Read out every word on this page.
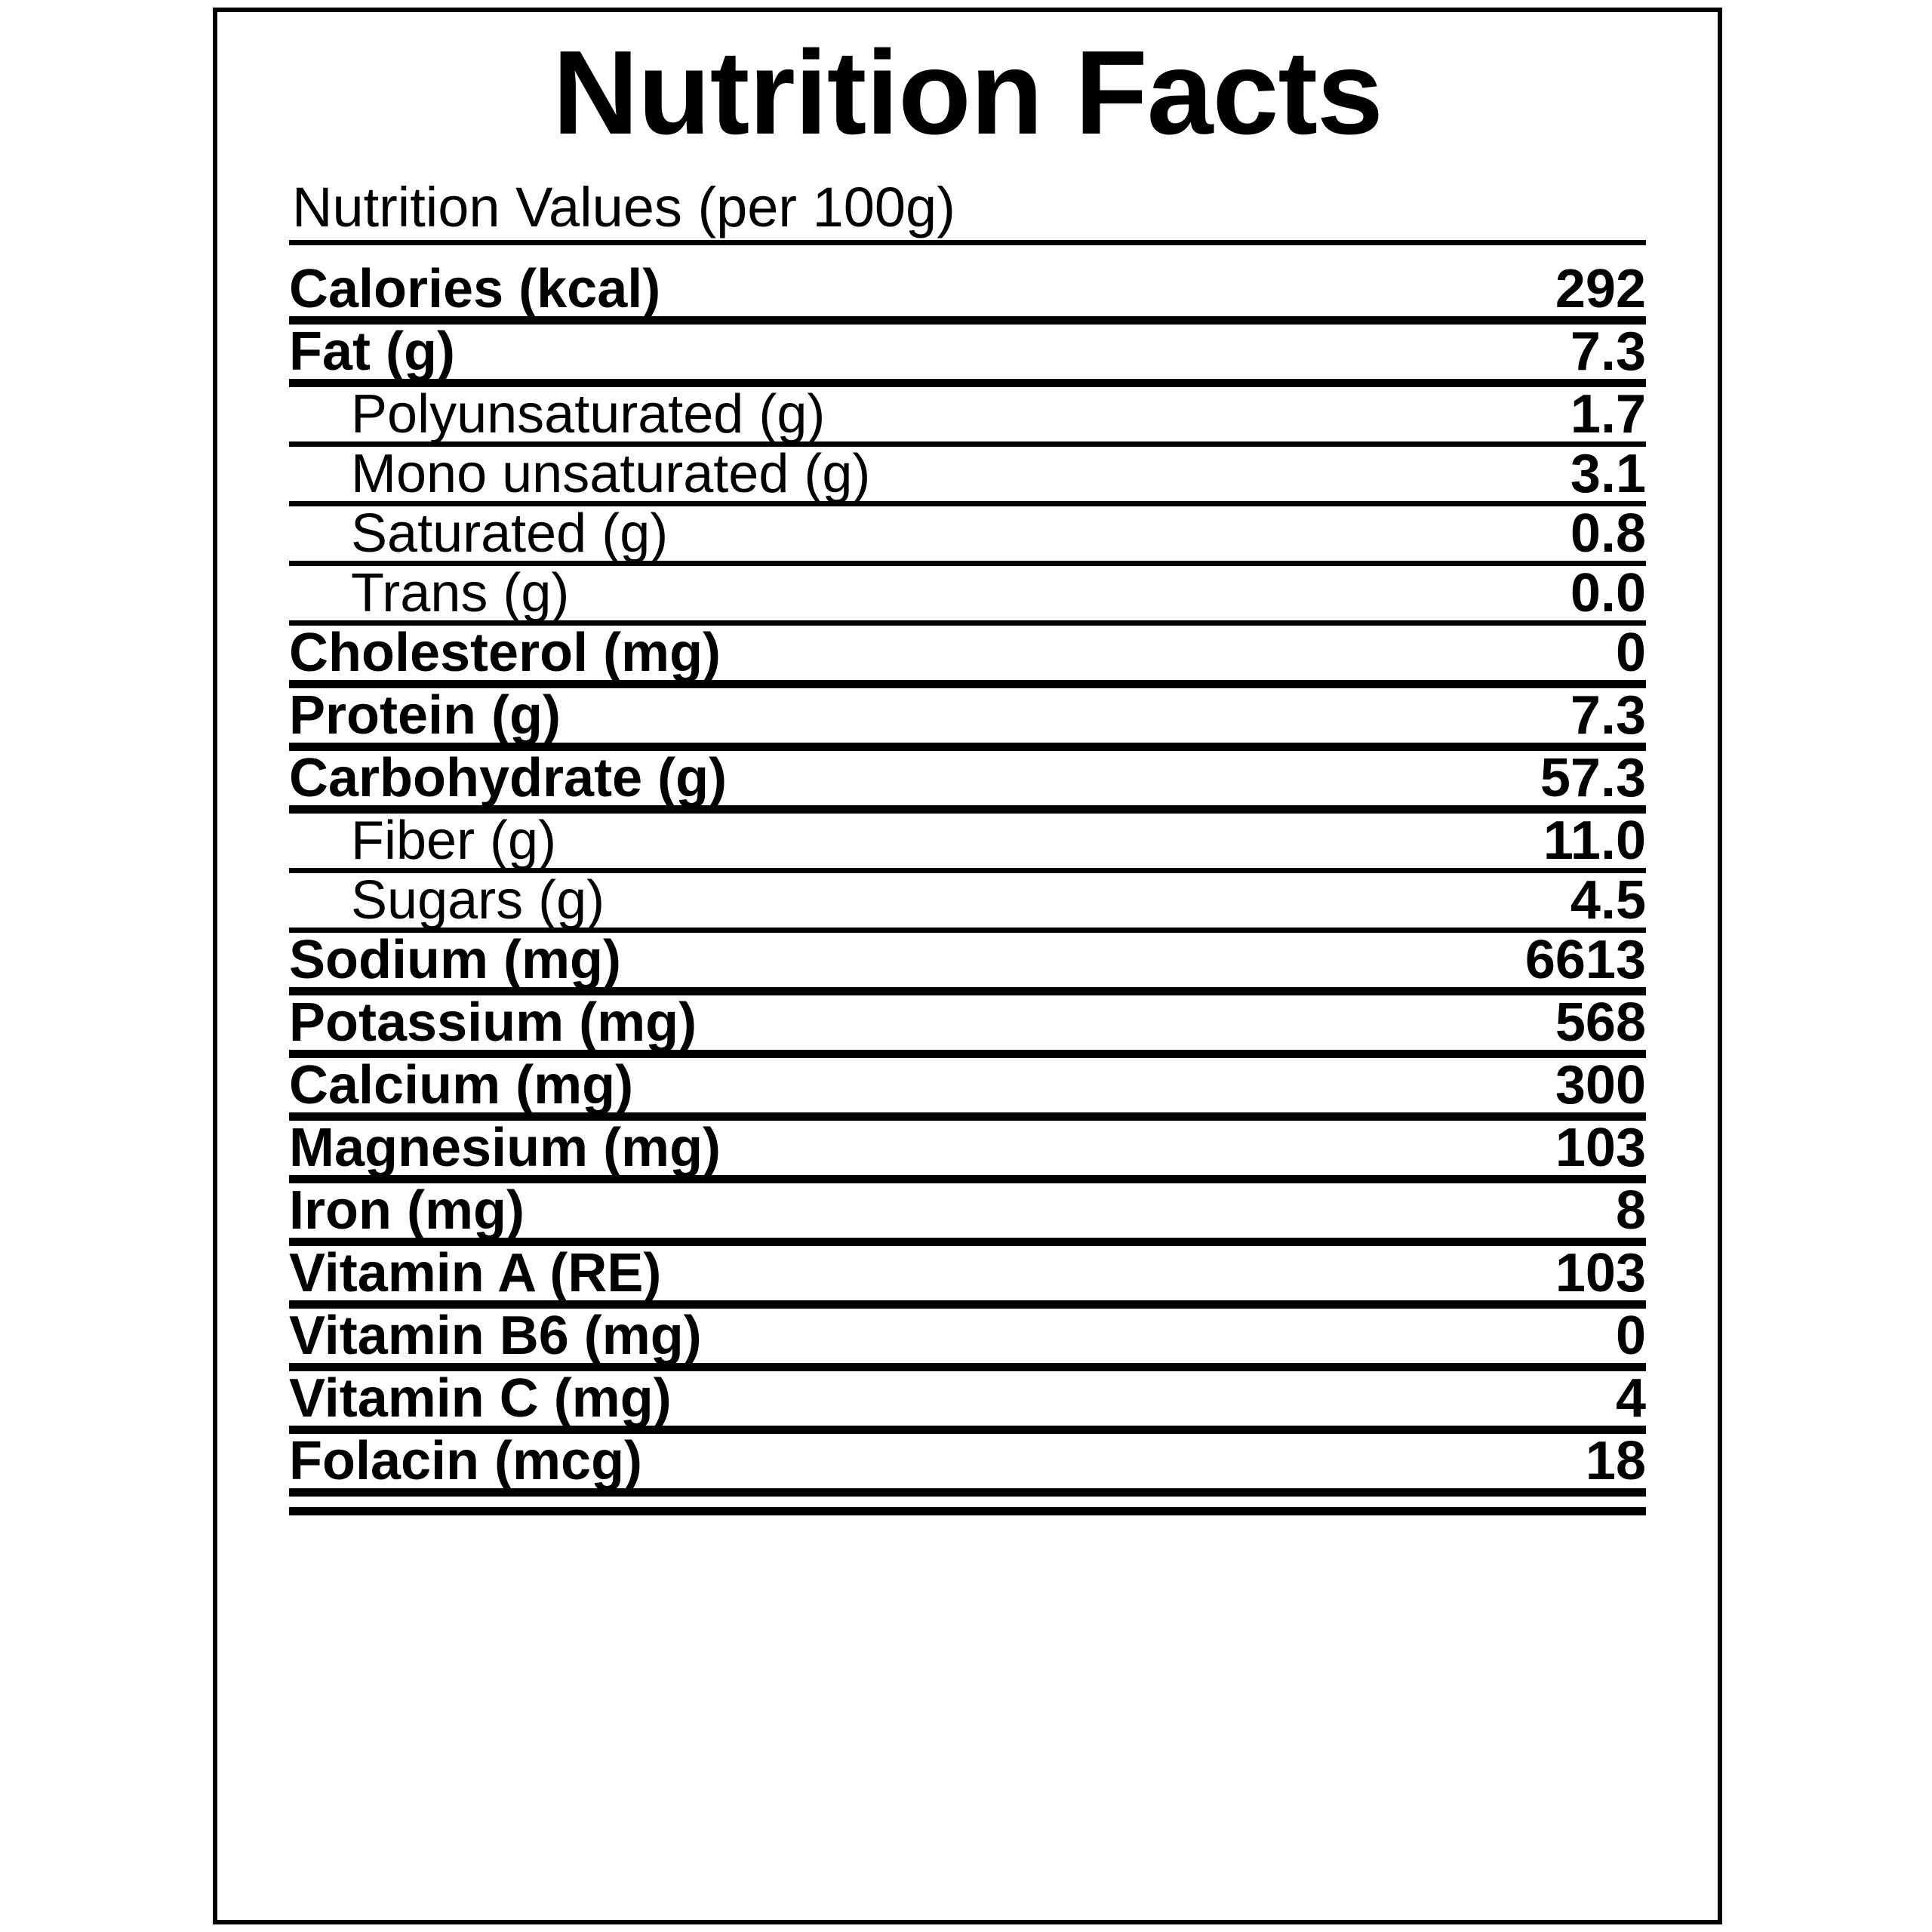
Nutrition Facts
Nutrition Values (per 100g)
Calories (kcal)	292
Fat (g)	7.3
Polyunsaturated (g)	1.7
Mono unsaturated (g)	3.1
Saturated (g)	0.8
Trans (g)	0.0
Cholesterol (mg)	0
Protein (g)	7.3
Carbohydrate (g)	57.3
Fiber (g)	11.0
Sugars (g)	4.5
Sodium (mg)	6613
Potassium (mg)	568
Calcium (mg)	300
Magnesium (mg)	103
Iron (mg)	8
Vitamin A (RE)	103
Vitamin B6 (mg)	0
Vitamin C (mg)	4
Folacin (mcg)	18
